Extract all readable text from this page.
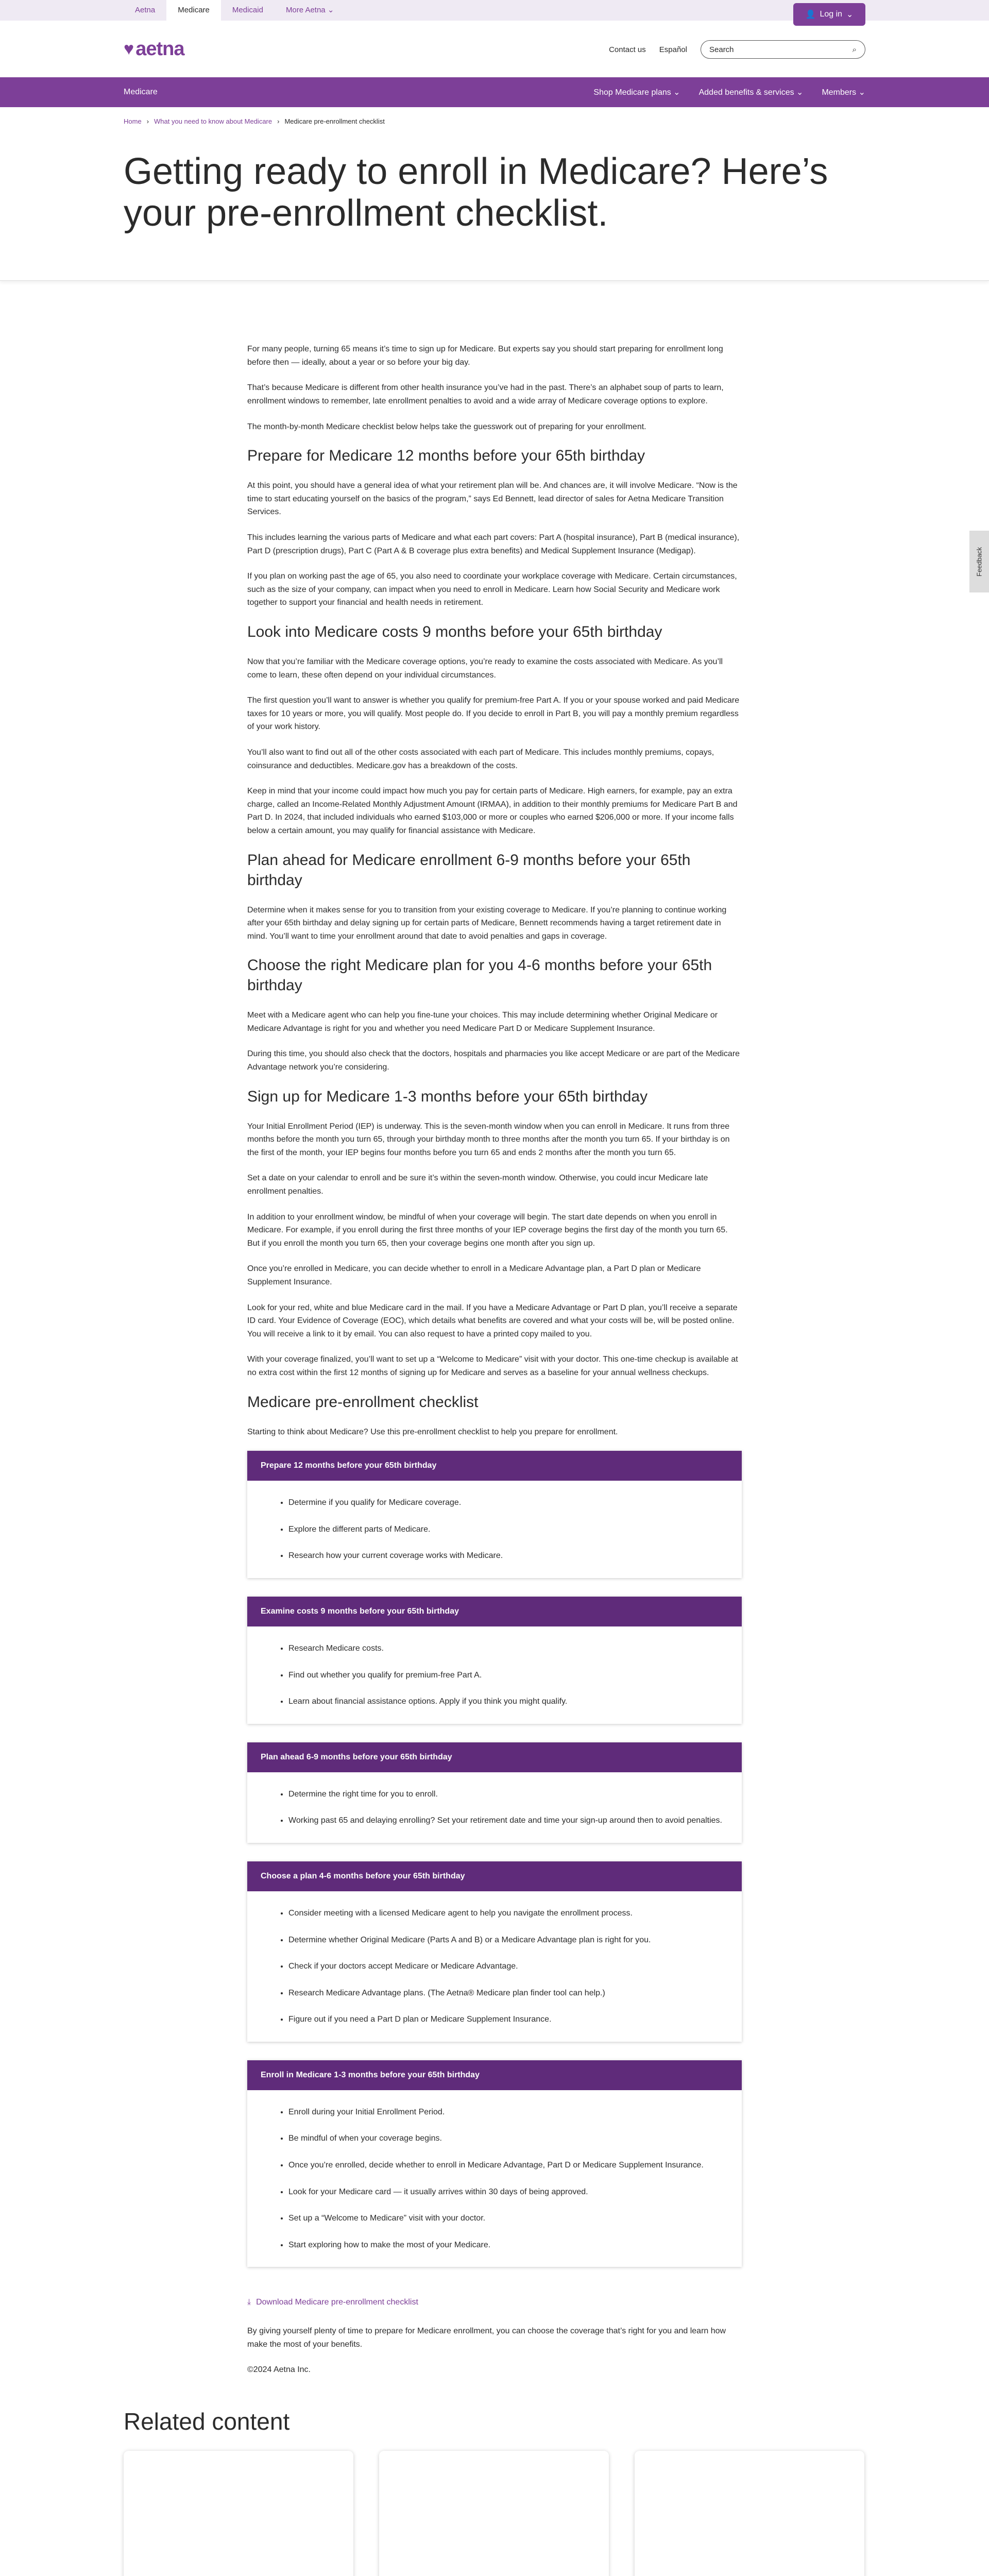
Aetna	Medicare	Medicaid	More Aetna ⌄
👤 Log in ⌄
♥ aetna	Contact us Español	Search	⌕
Medicare	Shop Medicare plans ⌄ Added benefits & services ⌄ Members ⌄
Home › What you need to know about Medicare › Medicare pre-enrollment checklist
Getting ready to enroll in Medicare? Here’s your pre-enrollment checklist.
Feedback

For many people, turning 65 means it’s time to sign up for Medicare. But experts say you should start preparing for enrollment long before then — ideally, about a year or so before your big day.

That’s because Medicare is different from other health insurance you’ve had in the past. There’s an alphabet soup of parts to learn, enrollment windows to remember, late enrollment penalties to avoid and a wide array of Medicare coverage options to explore.

The month-by-month Medicare checklist below helps take the guesswork out of preparing for your enrollment.

Prepare for Medicare 12 months before your 65th birthday

At this point, you should have a general idea of what your retirement plan will be. And chances are, it will involve Medicare. “Now is the time to start educating yourself on the basics of the program,” says Ed Bennett, lead director of sales for Aetna Medicare Transition Services.

This includes learning the various parts of Medicare and what each part covers: Part A (hospital insurance), Part B (medical insurance), Part D (prescription drugs), Part C (Part A & B coverage plus extra benefits) and Medical Supplement Insurance (Medigap).

If you plan on working past the age of 65, you also need to coordinate your workplace coverage with Medicare. Certain circumstances, such as the size of your company, can impact when you need to enroll in Medicare. Learn how Social Security and Medicare work together to support your financial and health needs in retirement.

Look into Medicare costs 9 months before your 65th birthday

Now that you’re familiar with the Medicare coverage options, you’re ready to examine the costs associated with Medicare. As you’ll come to learn, these often depend on your individual circumstances.

The first question you’ll want to answer is whether you qualify for premium-free Part A. If you or your spouse worked and paid Medicare taxes for 10 years or more, you will qualify. Most people do. If you decide to enroll in Part B, you will pay a monthly premium regardless of your work history.

You’ll also want to find out all of the other costs associated with each part of Medicare. This includes monthly premiums, copays, coinsurance and deductibles. Medicare.gov has a breakdown of the costs.

Keep in mind that your income could impact how much you pay for certain parts of Medicare. High earners, for example, pay an extra charge, called an Income-Related Monthly Adjustment Amount (IRMAA), in addition to their monthly premiums for Medicare Part B and Part D. In 2024, that included individuals who earned $103,000 or more or couples who earned $206,000 or more. If your income falls below a certain amount, you may qualify for financial assistance with Medicare.

Plan ahead for Medicare enrollment 6-9 months before your 65th birthday

Determine when it makes sense for you to transition from your existing coverage to Medicare. If you’re planning to continue working after your 65th birthday and delay signing up for certain parts of Medicare, Bennett recommends having a target retirement date in mind. You’ll want to time your enrollment around that date to avoid penalties and gaps in coverage.

Choose the right Medicare plan for you 4-6 months before your 65th birthday

Meet with a Medicare agent who can help you fine-tune your choices. This may include determining whether Original Medicare or Medicare Advantage is right for you and whether you need Medicare Part D or Medicare Supplement Insurance.

During this time, you should also check that the doctors, hospitals and pharmacies you like accept Medicare or are part of the Medicare Advantage network you’re considering.

Sign up for Medicare 1-3 months before your 65th birthday

Your Initial Enrollment Period (IEP) is underway. This is the seven-month window when you can enroll in Medicare. It runs from three months before the month you turn 65, through your birthday month to three months after the month you turn 65. If your birthday is on the first of the month, your IEP begins four months before you turn 65 and ends 2 months after the month you turn 65.

Set a date on your calendar to enroll and be sure it’s within the seven-month window. Otherwise, you could incur Medicare late enrollment penalties.

In addition to your enrollment window, be mindful of when your coverage will begin. The start date depends on when you enroll in Medicare. For example, if you enroll during the first three months of your IEP coverage begins the first day of the month you turn 65. But if you enroll the month you turn 65, then your coverage begins one month after you sign up.

Once you’re enrolled in Medicare, you can decide whether to enroll in a Medicare Advantage plan, a Part D plan or Medicare Supplement Insurance.

Look for your red, white and blue Medicare card in the mail. If you have a Medicare Advantage or Part D plan, you’ll receive a separate ID card. Your Evidence of Coverage (EOC), which details what benefits are covered and what your costs will be, will be posted online. You will receive a link to it by email. You can also request to have a printed copy mailed to you.

With your coverage finalized, you’ll want to set up a “Welcome to Medicare” visit with your doctor. This one-time checkup is available at no extra cost within the first 12 months of signing up for Medicare and serves as a baseline for your annual wellness checkups.

Medicare pre-enrollment checklist

Starting to think about Medicare? Use this pre-enrollment checklist to help you prepare for enrollment.

Prepare 12 months before your 65th birthday
• Determine if you qualify for Medicare coverage.
• Explore the different parts of Medicare.
• Research how your current coverage works with Medicare.
Examine costs 9 months before your 65th birthday
• Research Medicare costs.
• Find out whether you qualify for premium-free Part A.
• Learn about financial assistance options. Apply if you think you might qualify.
Plan ahead 6-9 months before your 65th birthday
• Determine the right time for you to enroll.
• Working past 65 and delaying enrolling? Set your retirement date and time your sign-up around then to avoid penalties.
Choose a plan 4-6 months before your 65th birthday
• Consider meeting with a licensed Medicare agent to help you navigate the enrollment process.
• Determine whether Original Medicare (Parts A and B) or a Medicare Advantage plan is right for you.
• Check if your doctors accept Medicare or Medicare Advantage.
• Research Medicare Advantage plans. (The Aetna® Medicare plan finder tool can help.)
• Figure out if you need a Part D plan or Medicare Supplement Insurance.
Enroll in Medicare 1-3 months before your 65th birthday
• Enroll during your Initial Enrollment Period.
• Be mindful of when your coverage begins.
• Once you’re enrolled, decide whether to enroll in Medicare Advantage, Part D or Medicare Supplement Insurance.
• Look for your Medicare card — it usually arrives within 30 days of being approved.
• Set up a “Welcome to Medicare” visit with your doctor.
• Start exploring how to make the most of your Medicare.
⤓ Download Medicare pre-enrollment checklist

By giving yourself plenty of time to prepare for Medicare enrollment, you can choose the coverage that’s right for you and learn how make the most of your benefits.

©2024 Aetna Inc.

Related content
